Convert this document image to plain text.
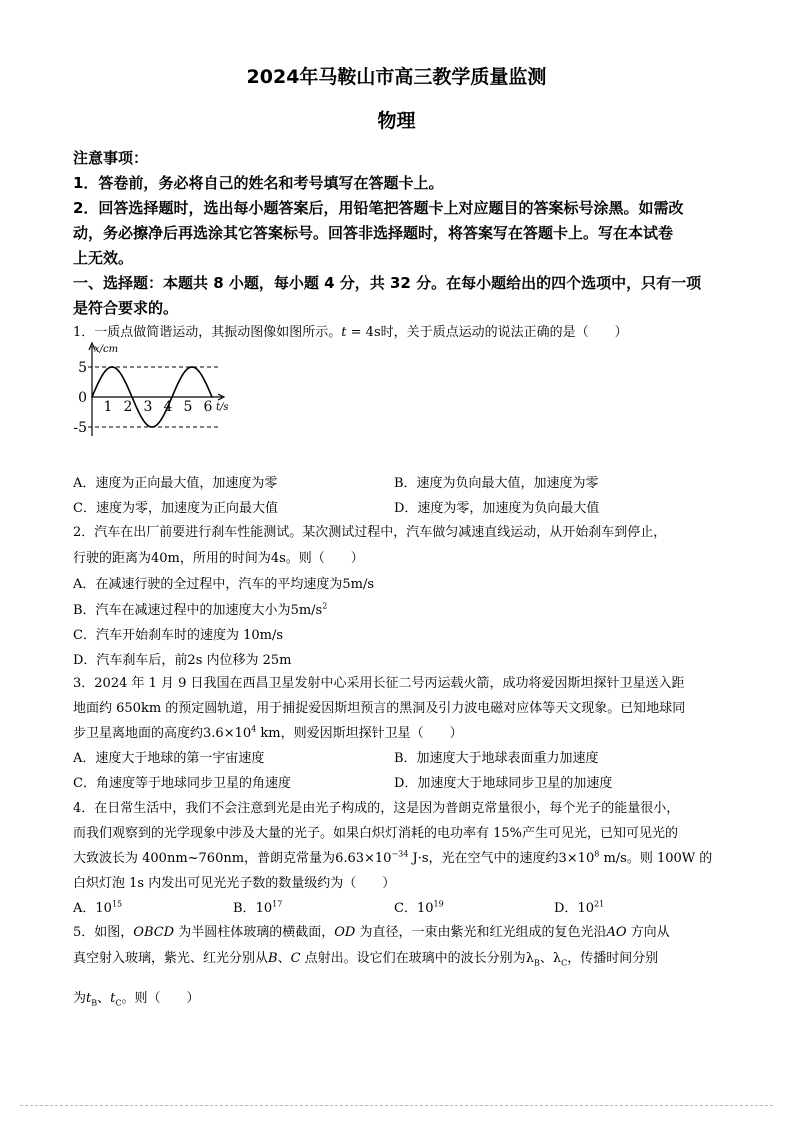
2024年马鞍山市高三教学质量监测
物理
注意事项：
1．答卷前，务必将自己的姓名和考号填写在答题卡上。
2．回答选择题时，选出每小题答案后，用铅笔把答题卡上对应题目的答案标号涂黑。如需改
动，务必擦净后再选涂其它答案标号。回答非选择题时，将答案写在答题卡上。写在本试卷
上无效。
一、选择题：本题共 8 小题，每小题 4 分，共 32 分。在每小题给出的四个选项中，只有一项
是符合要求的。
1．一质点做简谐运动，其振动图像如图所示。t = 4s时，关于质点运动的说法正确的是（　　）
x/cm
t/s
5
0
-5
1 2 3 4 5 6
A．速度为正向最大值，加速度为零	B．速度为负向最大值，加速度为零
C．速度为零，加速度为正向最大值	D．速度为零，加速度为负向最大值
2．汽车在出厂前要进行刹车性能测试。某次测试过程中，汽车做匀减速直线运动，从开始刹车到停止，
行驶的距离为40m，所用的时间为4s。则（　　）
A．在减速行驶的全过程中，汽车的平均速度为5m/s
B．汽车在减速过程中的加速度大小为$5m/s^2$
C．汽车开始刹车时的速度为 10m/s
D．汽车刹车后，前2s 内位移为 25m
3．2024 年 1 月 9 日我国在西昌卫星发射中心采用长征二号丙运载火箭，成功将爱因斯坦探针卫星送入距
地面约 650km 的预定圆轨道，用于捕捉爱因斯坦预言的黑洞及引力波电磁对应体等天文现象。已知地球同
步卫星离地面的高度约$3.6\times 10^4$ km，则爱因斯坦探针卫星（　　）
A．速度大于地球的第一宇宙速度	B．加速度大于地球表面重力加速度
C．角速度等于地球同步卫星的角速度	D．加速度大于地球同步卫星的加速度
4．在日常生活中，我们不会注意到光是由光子构成的，这是因为普朗克常量很小，每个光子的能量很小，
而我们观察到的光学现象中涉及大量的光子。如果白炽灯消耗的电功率有 15%产生可见光，已知可见光的
大致波长为 400nm~760nm，普朗克常量为$6.63\times 10^{-34}$ J·s，光在空气中的速度约$3\times 10^8$ m/s。则 100W 的
白炽灯泡 1s 内发出可见光光子数的数量级约为（　　）
A．$10^{15}$	B．$10^{17}$	C．$10^{19}$	D．$10^{21}$
5．如图，OBCD 为半圆柱体玻璃的横截面，OD 为直径，一束由紫光和红光组成的复色光沿AO 方向从
真空射入玻璃，紫光、红光分别从B、C 点射出。设它们在玻璃中的波长分别为$\lambda_B$、$\lambda_C$，传播时间分别
为$t_B$、$t_C$。则（　　）
